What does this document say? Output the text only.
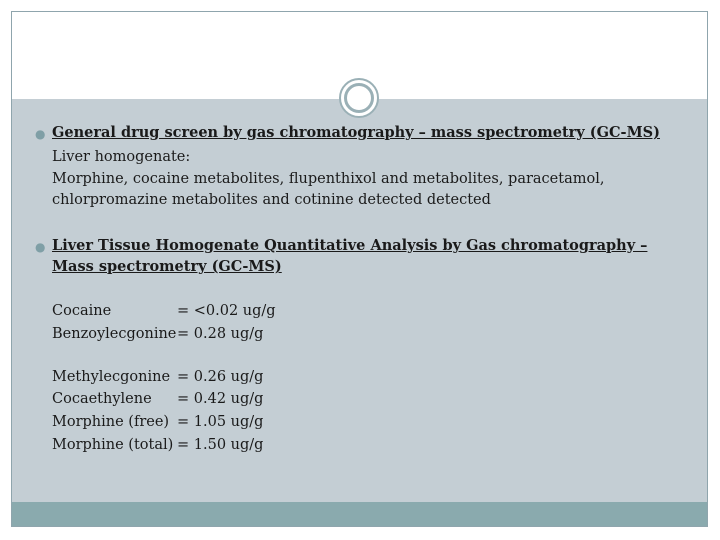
● General drug screen by gas chromatography – mass spectrometry (GC-MS)
Liver homogenate:
Morphine, cocaine metabolites, flupenthixol and metabolites, paracetamol,
chlorpromazine metabolites and cotinine detected detected
● Liver Tissue Homogenate Quantitative Analysis by Gas chromatography –
Mass spectrometry (GC-MS)
Cocaine	= <0.02 ug/g
Benzoylecgonine= 0.28 ug/g
Methylecgonine = 0.26 ug/g
Cocaethylene = 0.42 ug/g
Morphine (free) = 1.05 ug/g
Morphine (total) = 1.50 ug/g
